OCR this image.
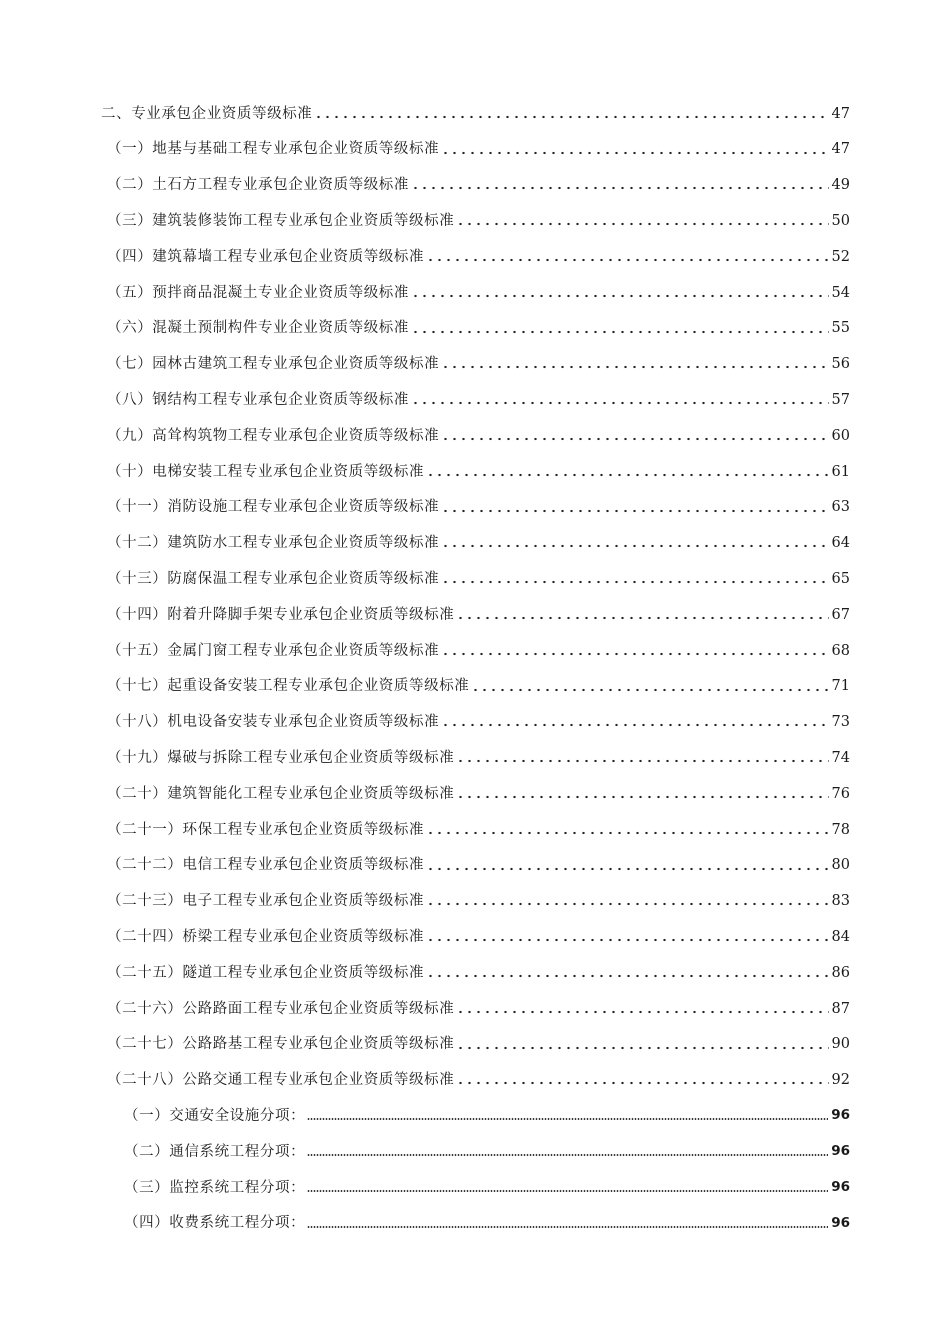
二、专业承包企业资质等级标准	47
（一）地基与基础工程专业承包企业资质等级标准	47
（二）土石方工程专业承包企业资质等级标准	49
（三）建筑装修装饰工程专业承包企业资质等级标准	50
（四）建筑幕墙工程专业承包企业资质等级标准	52
（五）预拌商品混凝土专业企业资质等级标准	54
（六）混凝土预制构件专业企业资质等级标准	55
（七）园林古建筑工程专业承包企业资质等级标准	56
（八）钢结构工程专业承包企业资质等级标准	57
（九）高耸构筑物工程专业承包企业资质等级标准	60
（十）电梯安装工程专业承包企业资质等级标准	61
（十一）消防设施工程专业承包企业资质等级标准	63
（十二）建筑防水工程专业承包企业资质等级标准	64
（十三）防腐保温工程专业承包企业资质等级标准	65
（十四）附着升降脚手架专业承包企业资质等级标准	67
（十五）金属门窗工程专业承包企业资质等级标准	68
（十七）起重设备安装工程专业承包企业资质等级标准	71
（十八）机电设备安装专业承包企业资质等级标准	73
（十九）爆破与拆除工程专业承包企业资质等级标准	74
（二十）建筑智能化工程专业承包企业资质等级标准	76
（二十一）环保工程专业承包企业资质等级标准	78
（二十二）电信工程专业承包企业资质等级标准	80
（二十三）电子工程专业承包企业资质等级标准	83
（二十四）桥梁工程专业承包企业资质等级标准	84
（二十五）隧道工程专业承包企业资质等级标准	86
（二十六）公路路面工程专业承包企业资质等级标准	87
（二十七）公路路基工程专业承包企业资质等级标准	90
（二十八）公路交通工程专业承包企业资质等级标准	92
（一）交通安全设施分项：	96
（二）通信系统工程分项：	96
（三）监控系统工程分项：	96
（四）收费系统工程分项：	96
